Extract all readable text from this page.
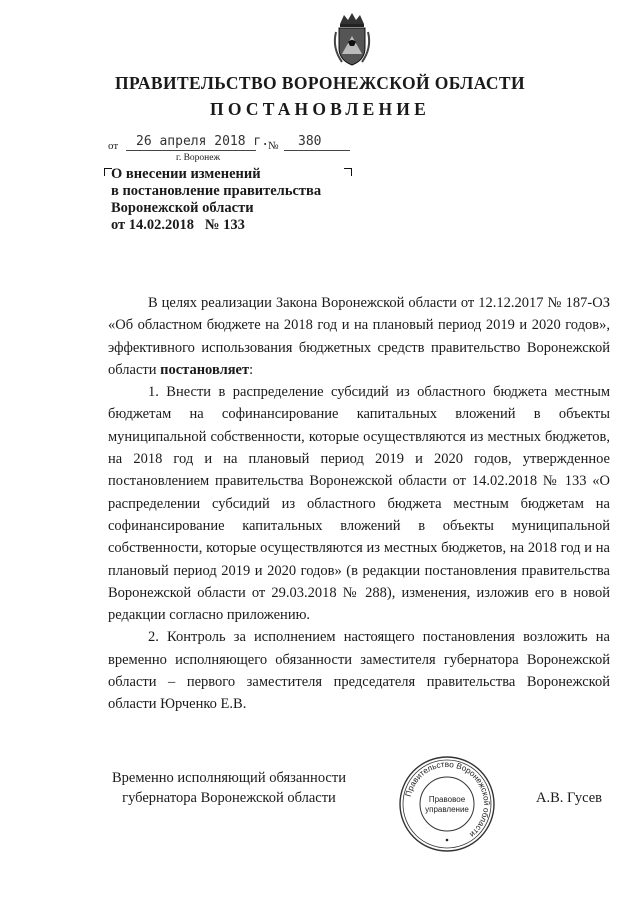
ПРАВИТЕЛЬСТВО ВОРОНЕЖСКОЙ ОБЛАСТИ
ПОСТАНОВЛЕНИЕ
от 26 апреля 2018 г.
№ 380
г. Воронеж
О внесении изменений
в постановление правительства
Воронежской области
от 14.02.2018   № 133

В целях реализации Закона Воронежской области от 12.12.2017 № 187-ОЗ «Об областном бюджете на 2018 год и на плановый период 2019 и 2020 годов», эффективного использования бюджетных средств правительство Воронежской области постановляет:

1. Внести в распределение субсидий из областного бюджета местным бюджетам на софинансирование капитальных вложений в объекты муниципальной собственности, которые осуществляются из местных бюджетов, на 2018 год и на плановый период 2019 и 2020 годов, утвержденное постановлением правительства Воронежской области от 14.02.2018 № 133 «О распределении субсидий из областного бюджета местным бюджетам на софинансирование капитальных вложений в объекты муниципальной собственности, которые осуществляются из местных бюджетов, на 2018 год и на плановый период 2019 и 2020 годов» (в редакции постановления правительства Воронежской области от 29.03.2018 № 288), изменения, изложив его в новой редакции согласно приложению.

2. Контроль за исполнением настоящего постановления возложить на временно исполняющего обязанности заместителя губернатора Воронежской области – первого заместителя председателя правительства Воронежской области Юрченко Е.В.

Временно исполняющий обязанности
губернатора Воронежской области	Правительство Воронежской области
Правовое
управление
А.В. Гусев
